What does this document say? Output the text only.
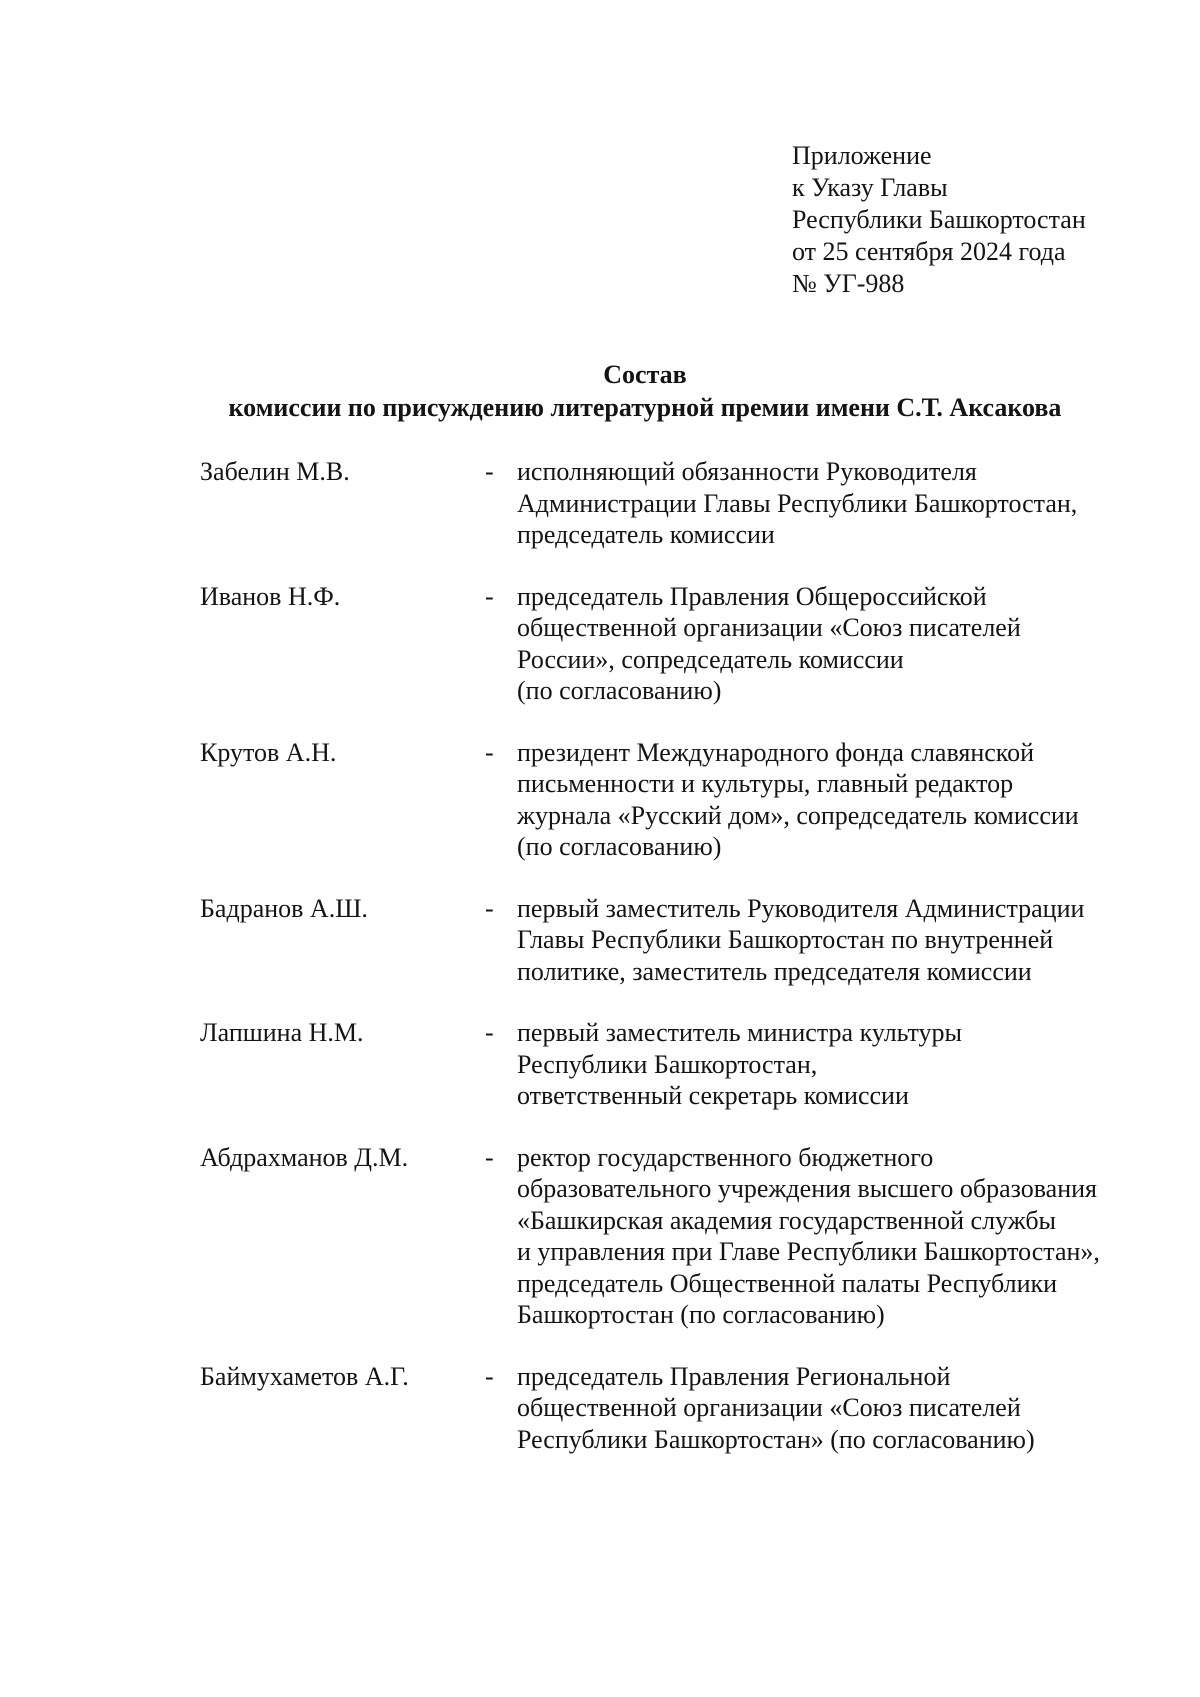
Приложение
к Указу Главы
Республики Башкортостан
от 25 сентября 2024 года
№ УГ-988
Состав
комиссии по присуждению литературной премии имени С.Т. Аксакова
Забелин М.В.	- исполняющий обязанности Руководителя
Администрации Главы Республики Башкортостан,
председатель комиссии
Иванов Н.Ф.	- председатель Правления Общероссийской
общественной организации «Союз писателей
России», сопредседатель комиссии
(по согласованию)
Крутов А.Н.	- президент Международного фонда славянской
письменности и культуры, главный редактор
журнала «Русский дом», сопредседатель комиссии
(по согласованию)
Бадранов А.Ш.	- первый заместитель Руководителя Администрации
Главы Республики Башкортостан по внутренней
политике, заместитель председателя комиссии
Лапшина Н.М.	- первый заместитель министра культуры
Республики Башкортостан,
ответственный секретарь комиссии
Абдрахманов Д.М.	- ректор государственного бюджетного
образовательного учреждения высшего образования
«Башкирская академия государственной службы
и управления при Главе Республики Башкортостан»,
председатель Общественной палаты Республики
Башкортостан (по согласованию)
Баймухаметов А.Г.	- председатель Правления Региональной
общественной организации «Союз писателей
Республики Башкортостан» (по согласованию)
